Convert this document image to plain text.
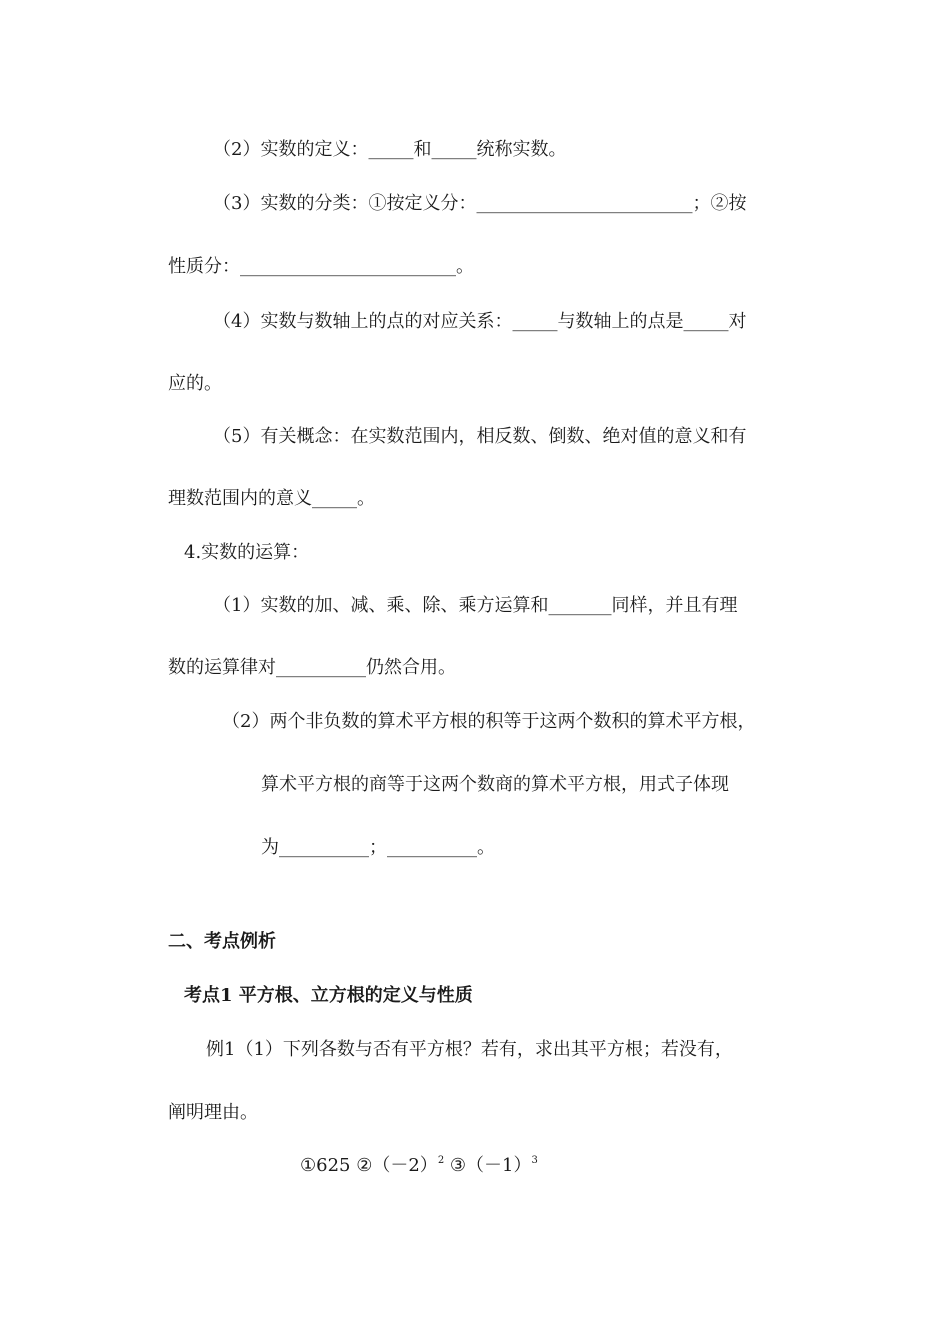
（2）实数的定义：_____和_____统称实数。
（3）实数的分类：①按定义分：________________________；②按
性质分：________________________。
（4）实数与数轴上的点的对应关系：_____与数轴上的点是_____对
应的。
（5）有关概念：在实数范围内，相反数、倒数、绝对值的意义和有
理数范围内的意义_____。
4.实数的运算：
（1）实数的加、减、乘、除、乘方运算和_______同样，并且有理
数的运算律对__________仍然合用。
（2）两个非负数的算术平方根的积等于这两个数积的算术平方根，
算术平方根的商等于这两个数商的算术平方根，用式子体现
为__________；__________。
二、考点例析
考点1 平方根、立方根的定义与性质
例1（1）下列各数与否有平方根？若有，求出其平方根；若没有，
阐明理由。
①625 $②(-2)^2$ $③(-1)^3$
